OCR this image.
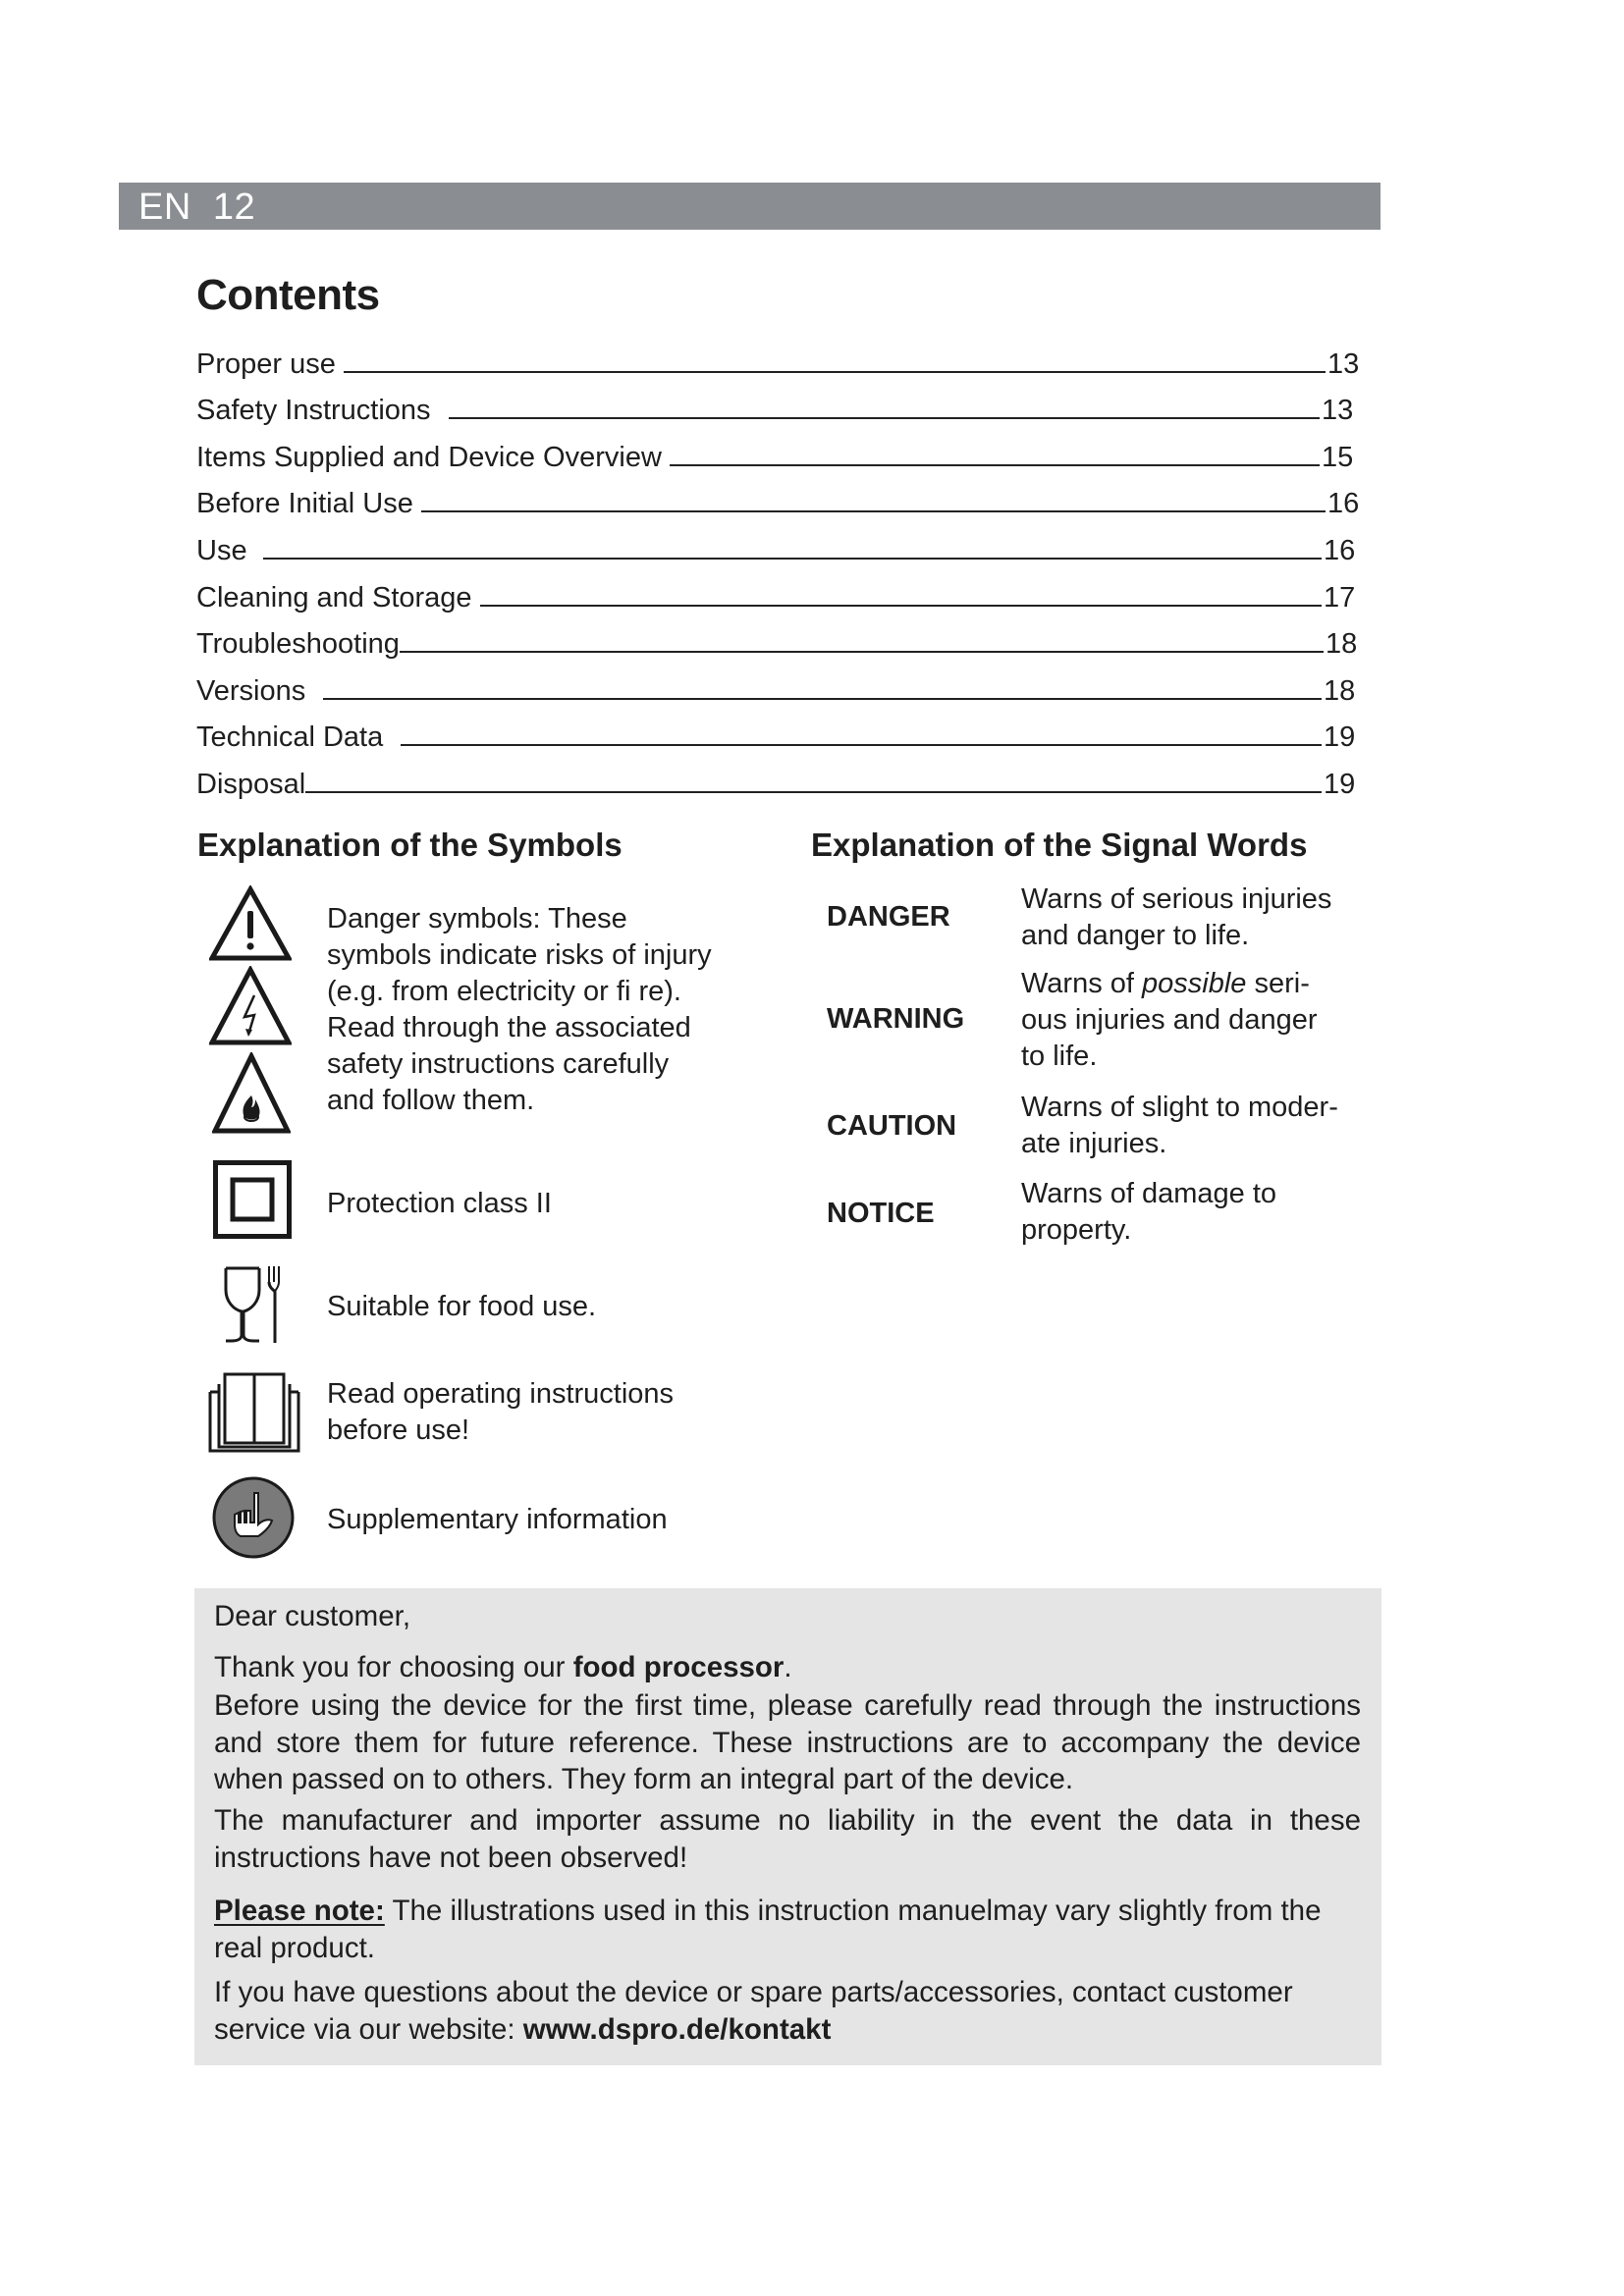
EN  12
Contents
Proper use	13
Safety Instructions	13
Items Supplied and Device Overview	15
Before Initial Use	16
Use	16
Cleaning and Storage	17
Troubleshooting	18
Versions	18
Technical Data	19
Disposal	19
Explanation of the Symbols
Danger symbols: These
symbols indicate risks of injury
(e.g. from electricity or fi re).
Read through the associated
safety instructions carefully
and follow them.
Protection class II
Suitable for food use.
Read operating instructions
before use!
Supplementary information
Explanation of the Signal Words
DANGER
Warns of serious injuries
and danger to life.
WARNING
Warns of possible seri-
ous injuries and danger
to life.
CAUTION
Warns of slight to moder-
ate injuries.
NOTICE
Warns of damage to
property.
Dear customer,
Thank you for choosing our food processor.
Before using the device for the first time, please carefully read through the instructions and store them for future reference. These instructions are to accompany the device when passed on to others. They form an integral part of the device.
The manufacturer and importer assume no liability in the event the data in these instructions have not been observed!
Please note: The illustrations used in this instruction manuelmay vary slightly from the real product.
If you have questions about the device or spare parts/accessories, contact customer service via our website: www.dspro.de/kontakt
